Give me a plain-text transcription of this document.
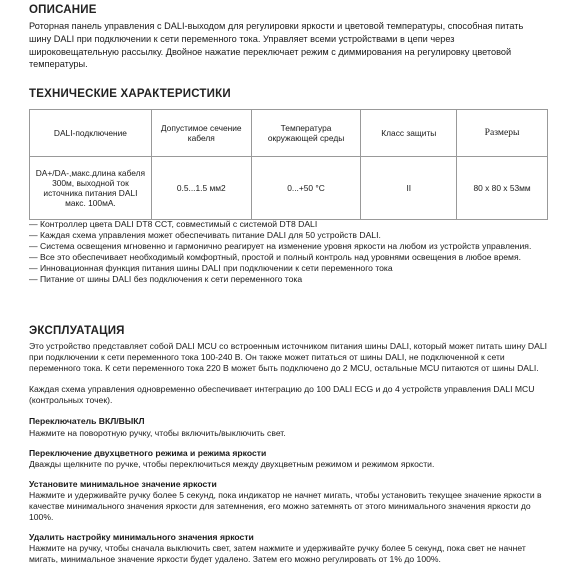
ОПИСАНИЕ
Роторная панель управления с DALI-выходом для регулировки яркости и цветовой температуры, способная питать шину DALI при подключении к сети переменного тока. Управляет всеми устройствами в цепи через широковещательную рассылку. Двойное нажатие переключает режим с диммирования на регулировку цветовой температуры.
ТЕХНИЧЕСКИЕ ХАРАКТЕРИСТИКИ
DALI-подключение	Допустимое сечение кабеля	Температура окружающей среды	Класс защиты	Размеры
DA+/DA-,макс.длина кабеля 300м, выходной ток источника питания DALI макс. 100мА.	0.5...1.5 мм2	0...+50 °C	II	80 x 80 x 53мм
— Контроллер цвета DALI DT8 CCT, совместимый с системой DT8 DALI
— Каждая схема управления может обеспечивать питание DALI для 50 устройств DALI.
— Система освещения мгновенно и гармонично реагирует на изменение уровня яркости на любом из устройств управления.
— Все это обеспечивает необходимый комфортный, простой и полный контроль над уровнями освещения в любое время.
— Инновационная функция питания шины DALI при подключении к сети переменного тока
— Питание от шины DALI без подключения к сети переменного тока
ЭКСПЛУАТАЦИЯ

Это устройство представляет собой DALI MCU со встроенным источником питания шины DALI, который может питать шину DALI при подключении к сети переменного тока 100-240 В. Он также может питаться от шины DALI, не подключенной к сети переменного тока. К сети переменного тока 220 В может быть подключено до 2 MCU, остальные MCU питаются от шины DALI.

Каждая схема управления одновременно обеспечивает интеграцию до 100 DALI ECG и до 4 устройств управления DALI MCU (контрольных точек).

Переключатель ВКЛ/ВЫКЛ
Нажмите на поворотную ручку, чтобы включить/выключить свет.
Переключение двухцветного режима и режима яркости
Дважды щелкните по ручке, чтобы переключиться между двухцветным режимом и режимом яркости.
Установите минимальное значение яркости
Нажмите и удерживайте ручку более 5 секунд, пока индикатор не начнет мигать, чтобы установить текущее значение яркости в качестве минимального значения яркости для затемнения, его можно затемнять от этого минимального значения яркости до 100%.
Удалить настройку минимального значения яркости
Нажмите на ручку, чтобы сначала выключить свет, затем нажмите и удерживайте ручку более 5 секунд, пока свет не начнет мигать, минимальное значение яркости будет удалено. Затем его можно регулировать от 1% до 100%.
